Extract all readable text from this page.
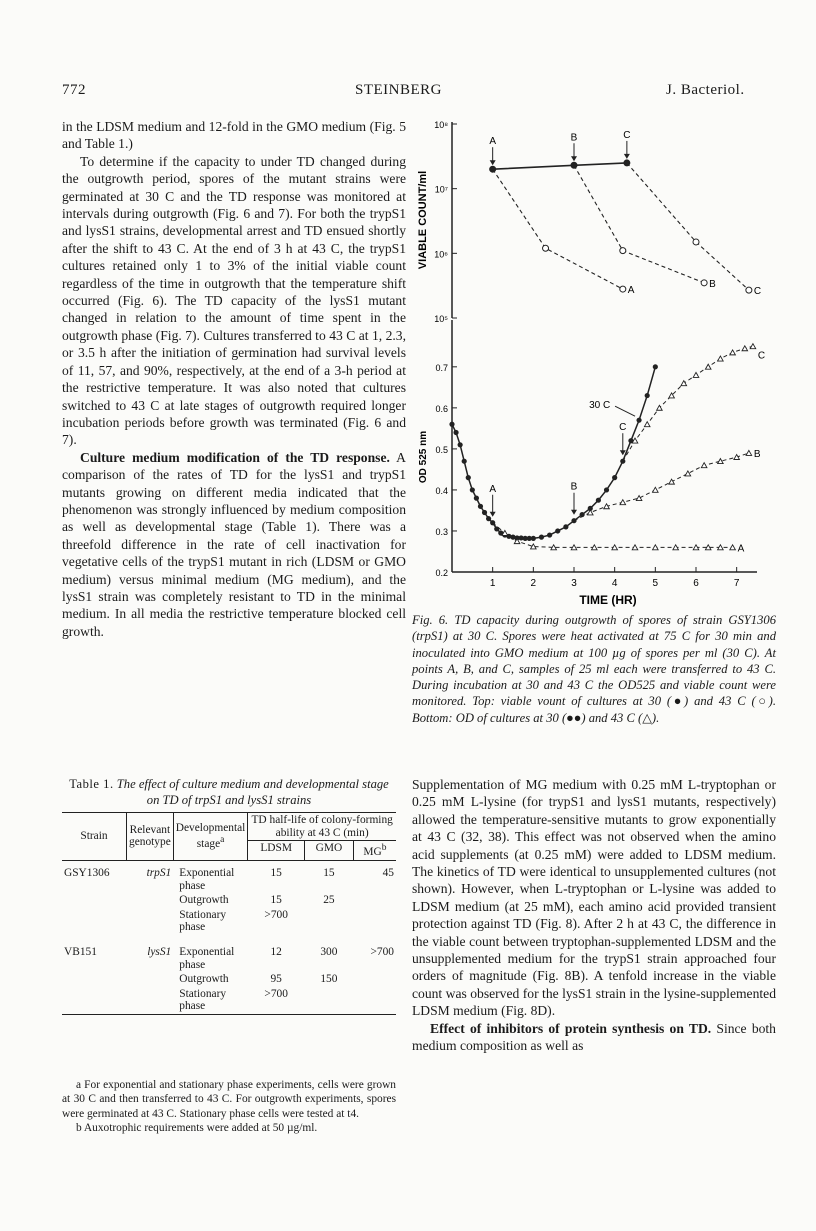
772	STEINBERG	J. Bacteriol.

in the LDSM medium and 12-fold in the GMO medium (Fig. 5 and Table 1.)

To determine if the capacity to under TD changed during the outgrowth period, spores of the mutant strains were germinated at 30 C and the TD response was monitored at intervals during outgrowth (Fig. 6 and 7). For both the trypS1 and lysS1 strains, developmental arrest and TD ensued shortly after the shift to 43 C. At the end of 3 h at 43 C, the trypS1 cultures retained only 1 to 3% of the initial viable count regardless of the time in outgrowth that the temperature shift occurred (Fig. 6). The TD capacity of the lysS1 mutant changed in relation to the amount of time spent in the outgrowth phase (Fig. 7). Cultures transferred to 43 C at 1, 2.3, or 3.5 h after the initiation of germination had survival levels of 11, 57, and 90%, respectively, at the end of a 3-h period at the restrictive temperature. It was also noted that cultures switched to 43 C at late stages of outgrowth required longer incubation periods before growth was terminated (Fig. 6 and 7).

Culture medium modification of the TD response. A comparison of the rates of TD for the lysS1 and trypS1 mutants growing on different media indicated that the phenomenon was strongly influenced by medium composition as well as developmental stage (Table 1). There was a threefold difference in the rate of cell inactivation for vegetative cells of the trypS1 mutant in rich (LDSM or GMO medium) versus minimal medium (MG medium), and the lysS1 strain was completely resistant to TD in the minimal medium. In all media the restrictive temperature blocked cell growth.

Table 1. The effect of culture medium and developmental stage on TD of trpS1 and lysS1 strains
Strain	Relevant genotype	Developmental stage$^a$	TD half-life of colony-forming ability at 43 C (min)		
			LDSM	GMO	$MG^b$

GSY1306	trpS1	Exponential phase	15	15	45
		Outgrowth	15	25	
		Stationary phase	>700		

VB151	lysS1	Exponential phase	12	300	>700
		Outgrowth	95	150	
		Stationary phase	>700		
a For exponential and stationary phase experiments, cells were grown at 30 C and then transferred to 43 C. For outgrowth experiments, spores were germinated at 43 C. Stationary phase cells were tested at t4.
b Auxotrophic requirements were added at 50 µg/ml.
VIABLE COUNT/ml
10⁵
10⁶
10⁷
10⁸
A
B
C
A	B	C
OD 525 nm
TIME (HR)
0.2
0.3
0.4
0.5
0.6
0.7
1	2	3	4	5	6	7
A
B
C
A	B
C
30 C
Fig. 6. TD capacity during outgrowth of spores of strain GSY1306 (trpS1) at 30 C. Spores were heat activated at 75 C for 30 min and inoculated into GMO medium at 100 µg of spores per ml (30 C). At points A, B, and C, samples of 25 ml each were transferred to 43 C. During incubation at 30 and 43 C the OD525 and viable count were monitored. Top: viable vount of cultures at 30 (●) and 43 C (○). Bottom: OD of cultures at 30 (●●) and 43 C (△).

Supplementation of MG medium with 0.25 mM L-tryptophan or 0.25 mM L-lysine (for trypS1 and lysS1 mutants, respectively) allowed the temperature-sensitive mutants to grow exponentially at 43 C (32, 38). This effect was not observed when the amino acid supplements (at 0.25 mM) were added to LDSM medium. The kinetics of TD were identical to unsupplemented cultures (not shown). However, when L-tryptophan or L-lysine was added to LDSM medium (at 25 mM), each amino acid provided transient protection against TD (Fig. 8). After 2 h at 43 C, the difference in the viable count between tryptophan-supplemented LDSM and the unsupplemented medium for the trypS1 strain approached four orders of magnitude (Fig. 8B). A tenfold increase in the viable count was observed for the lysS1 strain in the lysine-supplemented LDSM medium (Fig. 8D).

Effect of inhibitors of protein synthesis on TD. Since both medium composition as well as
